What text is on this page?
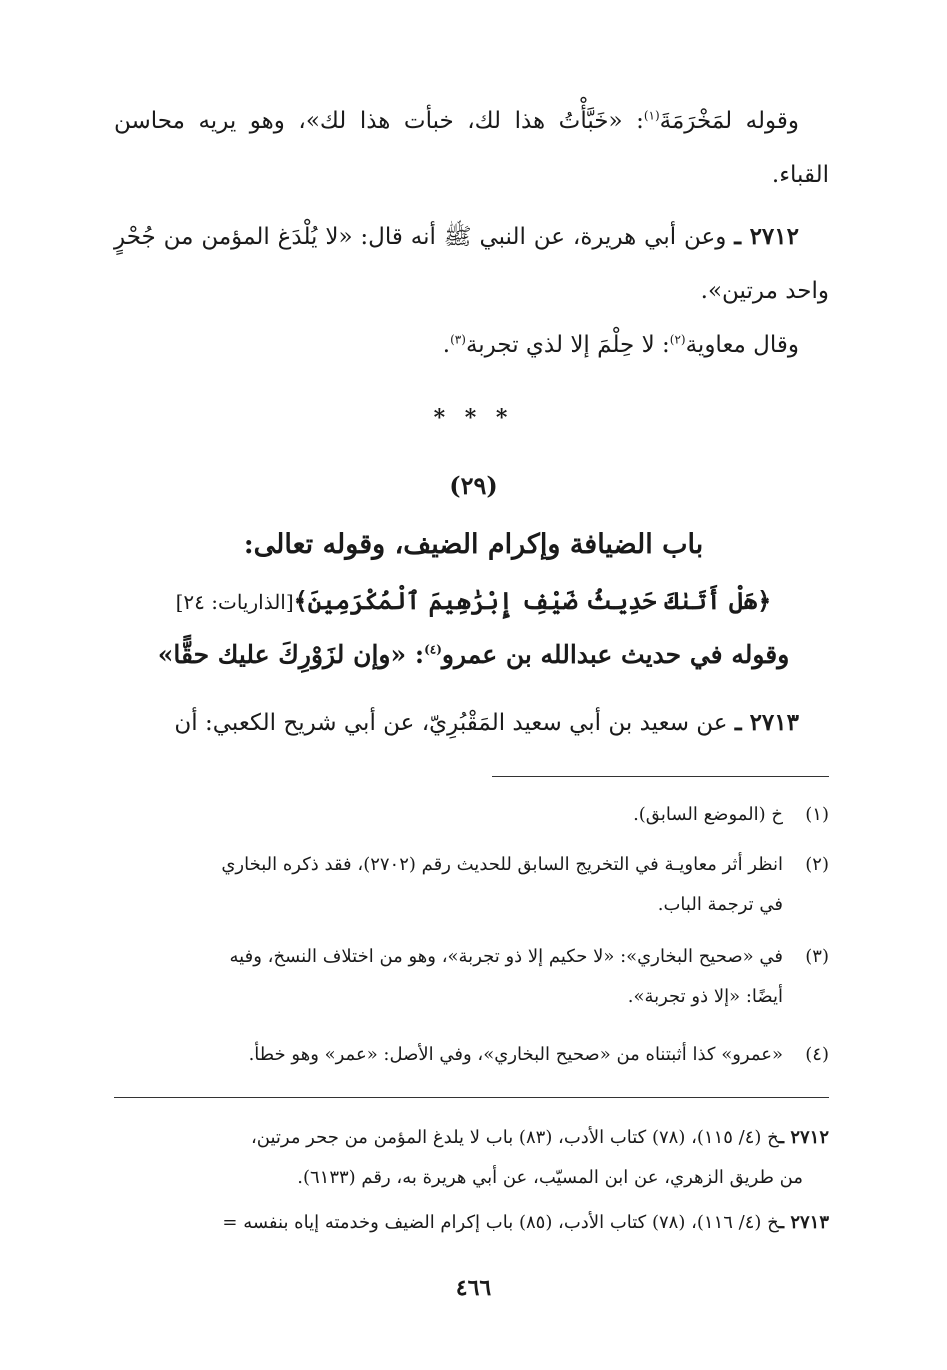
وقوله لمَخْرَمَةَ$^{(١)}$: «خَبَّأْتُ هذا لك، خبأت هذا لك»، وهو يريه محاسن القباء.
٢٧١٢ ـ وعن أبي هريرة، عن النبي ﷺ أنه قال: «لا يُلْدَغ المؤمن من جُحْرٍ واحد مرتين».
وقال معاوية$^{(٢)}$: لا حِلْمَ إلا لذي تجربة$^{(٣)}$.
* * *
(٢٩)
باب الضيافة وإكرام الضيف، وقوله تعالى:
﴿هَلْ أَتَىٰكَ حَدِيثُ ضَيْفِ إِبْرَٰهِيمَ ٱلْمُكْرَمِينَ﴾[الذاريات: ٢٤]
وقوله في حديث عبدالله بن عمرو$^{(٤)}$: «وإن لزَوْرِكَ عليك حقًّا»
٢٧١٣ ـ عن سعيد بن أبي سعيد المَقْبُرِيّ، عن أبي شريح الكعبي: أن
(١)خ (الموضع السابق).
(٢)انظر أثر معاويـة في التخريج السابق للحديث رقم (٢٧٠٢)، فقد ذكره البخاري
في ترجمة الباب.
(٣)في «صحيح البخاري»: «لا حكيم إلا ذو تجربة»، وهو من اختلاف النسخ، وفيه
أيضًا: «إلا ذو تجربة».
(٤)«عمرو» كذا أثبتناه من «صحيح البخاري»، وفي الأصل: «عمر» وهو خطأ.
٢٧١٢ ـخ (٤/ ١١٥)، (٧٨) كتاب الأدب، (٨٣) باب لا يلدغ المؤمن من جحر مرتين،
من طريق الزهري، عن ابن المسيّب، عن أبي هريرة به، رقم (٦١٣٣).
٢٧١٣ ـخ (٤/ ١١٦)، (٧٨) كتاب الأدب، (٨٥) باب إكرام الضيف وخدمته إياه بنفسه =
٤٦٦
